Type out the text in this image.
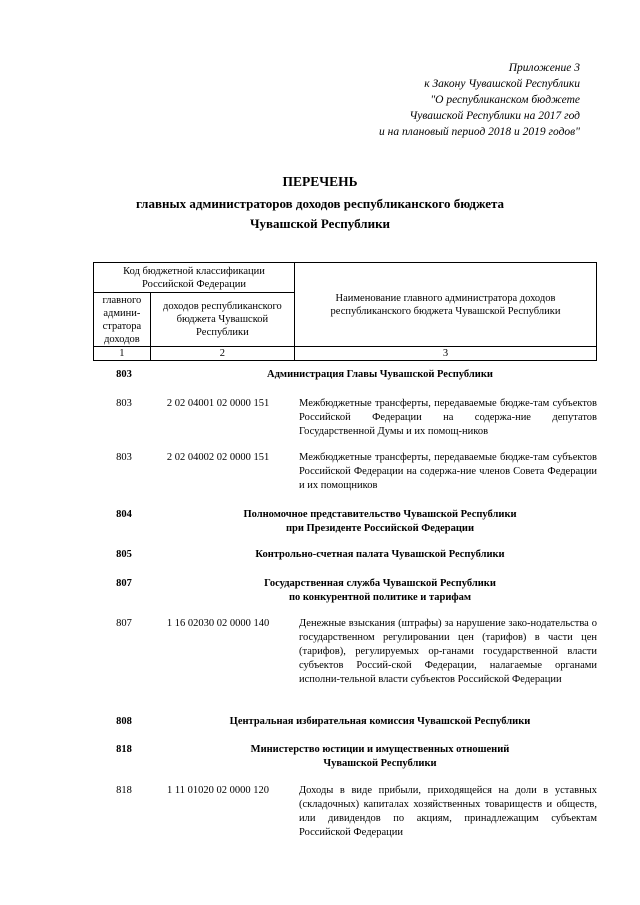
Приложение 3
к Закону Чувашской Республики
"О республиканском бюджете
Чувашской Республики на 2017 год
и на плановый период 2018 и 2019 годов"
ПЕРЕЧЕНЬ
главных администраторов доходов республиканского бюджета
Чувашской Республики
Код бюджетной классификации Российской Федерации		Наименование главного администратора доходов республиканского бюджета Чувашской Республики
главного админи-стратора доходов	доходов республиканского бюджета Чувашской Республики	
1	2	3
803	Администрация Главы Чувашской Республики
803	2 02 04001 02 0000 151	Межбюджетные трансферты, передаваемые бюдже-там субъектов Российской Федерации на содержа-ние депутатов Государственной Думы и их помощ-ников
803	2 02 04002 02 0000 151	Межбюджетные трансферты, передаваемые бюдже-там субъектов Российской Федерации на содержа-ние членов Совета Федерации и их помощников
804	Полномочное представительство Чувашской Республики
при Президенте Российской Федерации
805	Контрольно-счетная палата Чувашской Республики
807	Государственная служба Чувашской Республики
по конкурентной политике и тарифам
807	1 16 02030 02 0000 140	Денежные взыскания (штрафы) за нарушение зако-нодательства о государственном регулировании цен (тарифов) в части цен (тарифов), регулируемых ор-ганами государственной власти субъектов Россий-ской Федерации, налагаемые органами исполни-тельной власти субъектов Российской Федерации
808	Центральная избирательная комиссия Чувашской Республики
818	Министерство юстиции и имущественных отношений
Чувашской Республики
818	1 11 01020 02 0000 120	Доходы в виде прибыли, приходящейся на доли в уставных (складочных) капиталах хозяйственных товариществ и обществ, или дивидендов по акциям, принадлежащим субъектам Российской Федерации
